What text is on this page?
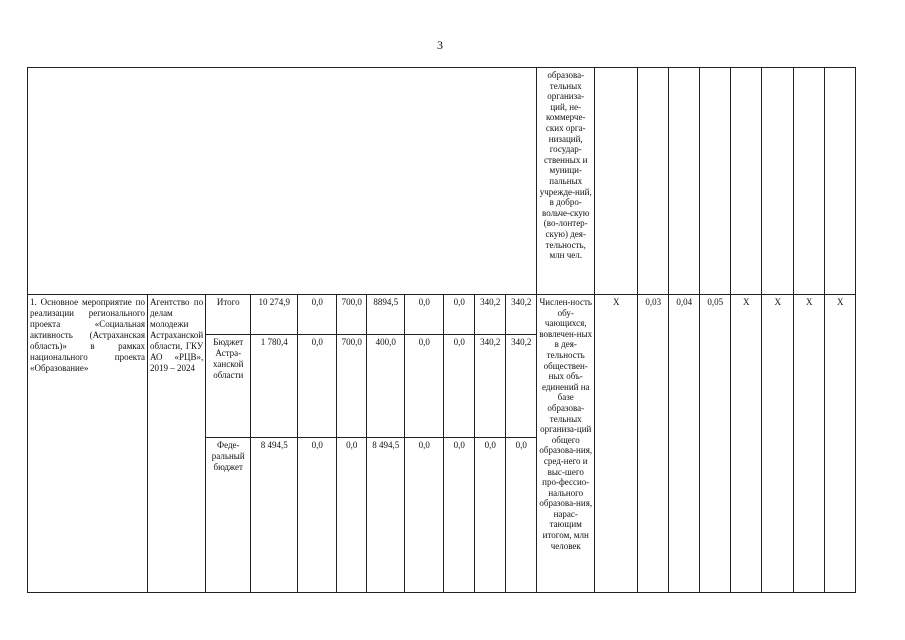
3
											образова-тельных организа-ций, не-коммерче-ских орга-низаций, государ-ственных и муници-пальных учрежде-ний, в добро-вольче-скую (во-лонтер-скую) дея-тельность, млн чел.								
1. Основное мероприятие по реализации регионального проекта «Социальная активность (Астраханская область)» в рамках национального проекта «Образование»	Агентство по делам молодежи Астраханской области, ГКУ АО «РЦВ», 2019 – 2024	Итого	10 274,9	0,0	700,0	8894,5	0,0	0,0	340,2	340,2	Числен-ность обу-чающихся, вовлечен-ных в дея-тельность обществен-ных объ-единений на базе образова-тельных организа-ций общего образова-ния, сред-него и выс-шего про-фессио-нального образова-ния, нарас-тающим итогом, млн человек	X	0,03	0,04	0,05	X	X	X	X
		Бюджет Астра-ханской области	1 780,4	0,0	700,0	400,0	0,0	0,0	340,2	340,2									
		Феде-ральный бюджет	8 494,5	0,0	0,0	8 494,5	0,0	0,0	0,0	0,0									
